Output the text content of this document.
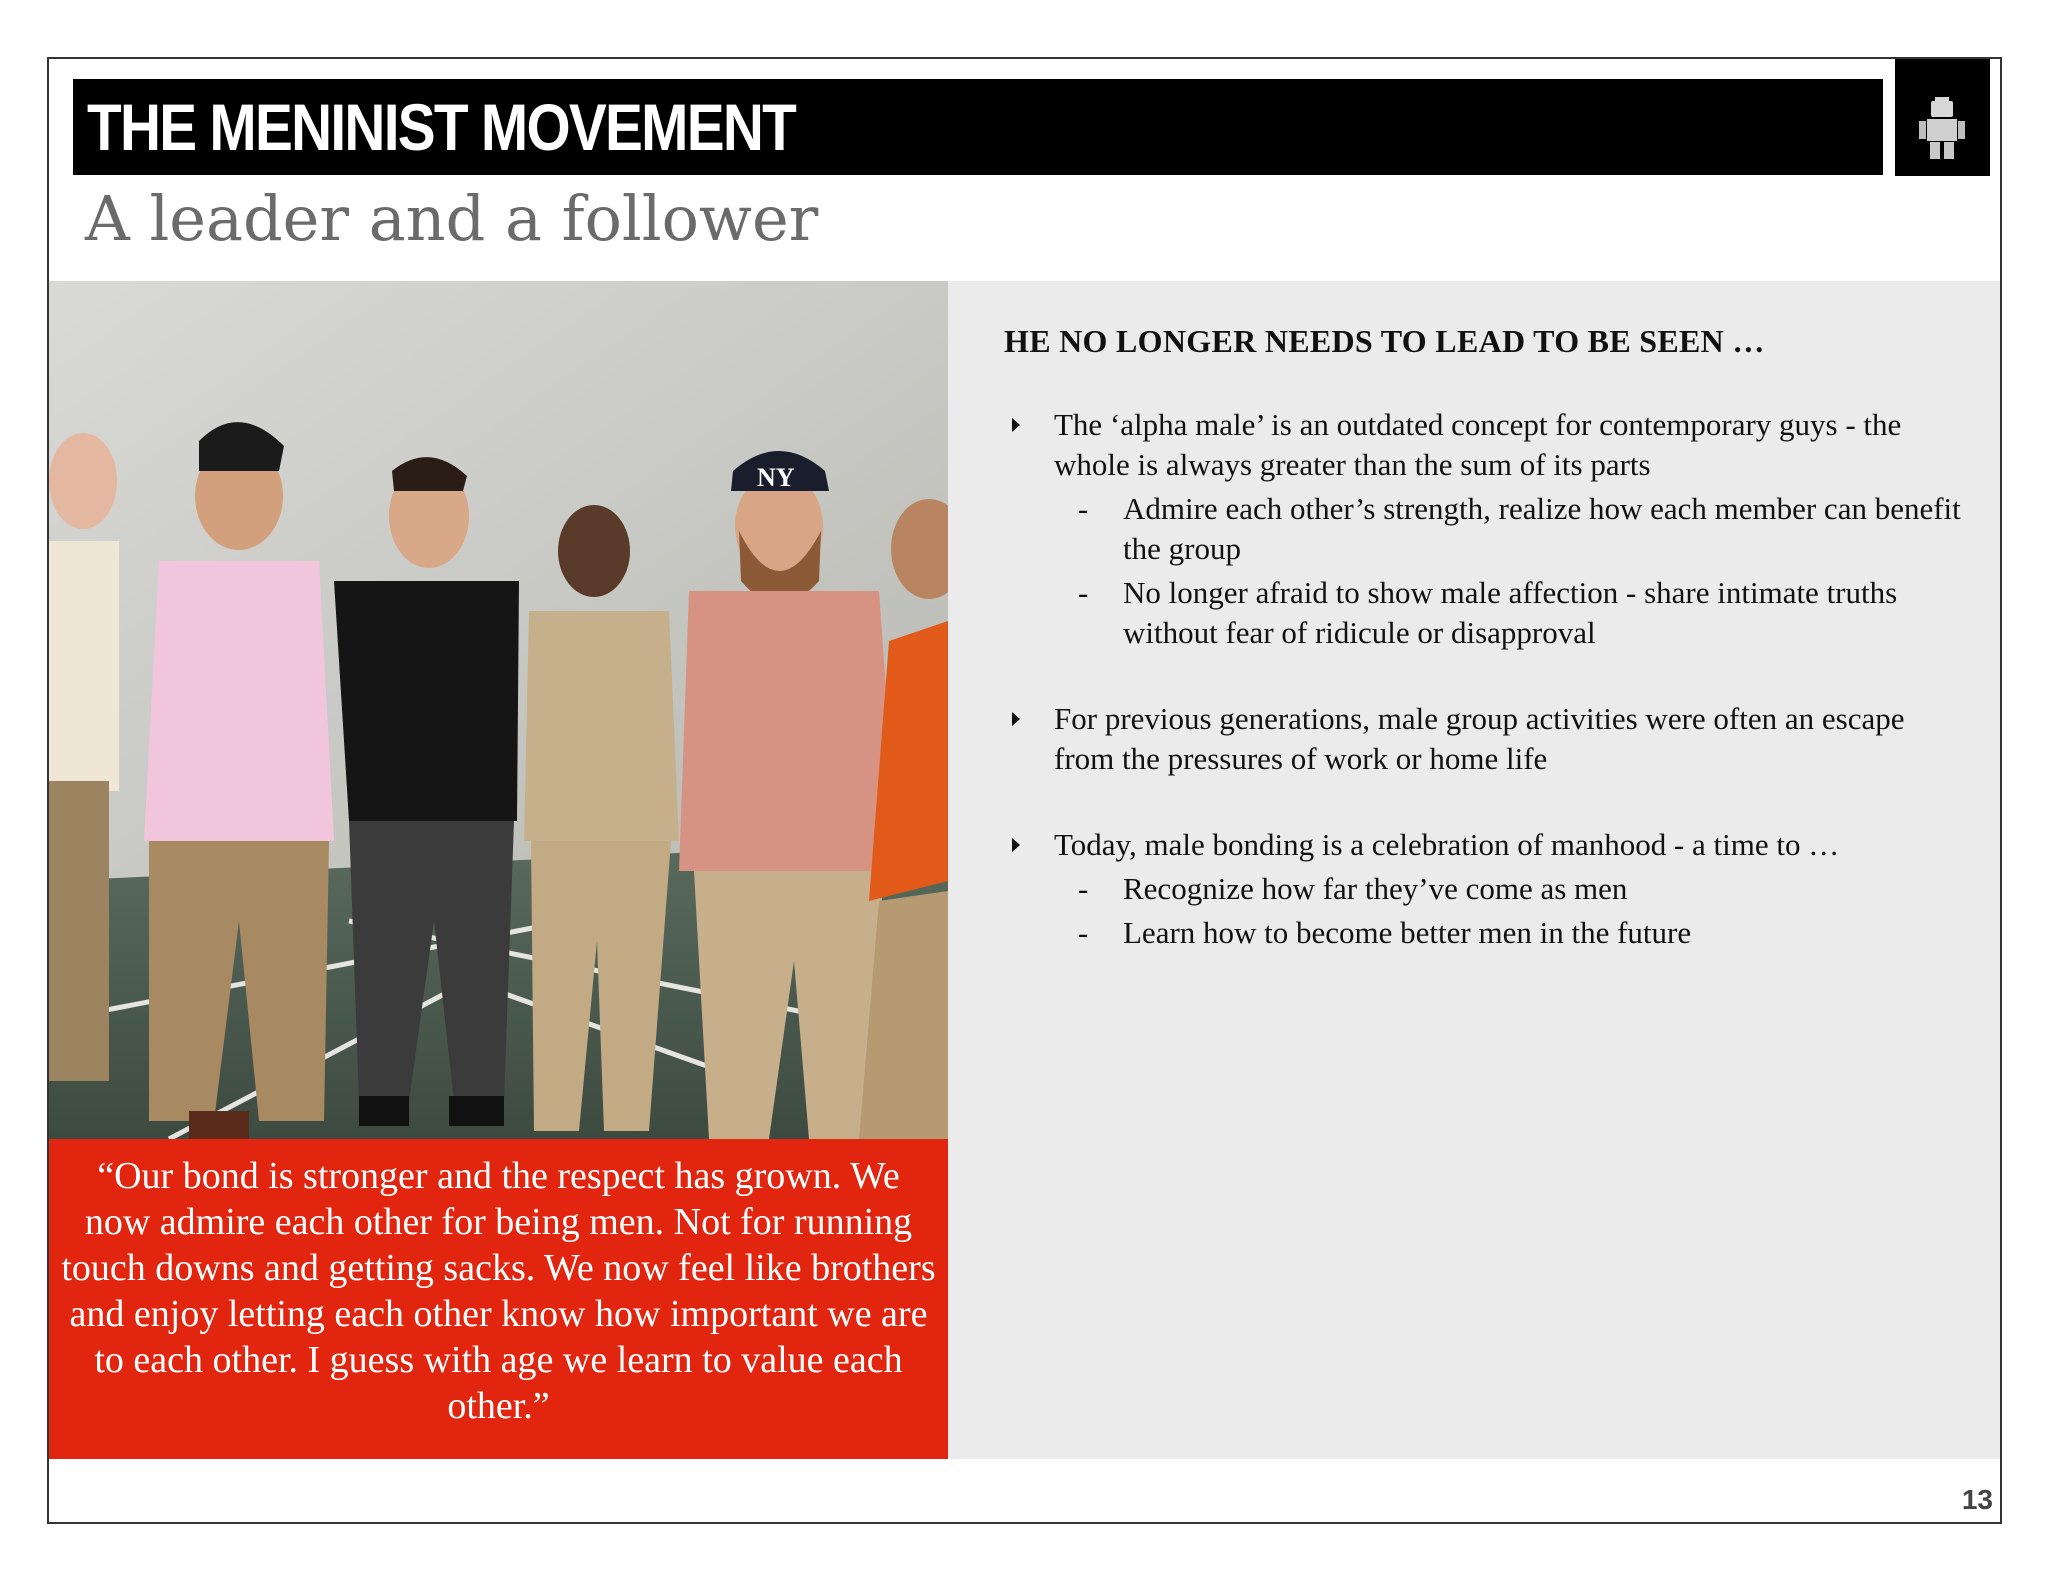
THE MENINIST MOVEMENT
A leader and a follower
NY
“Our bond is stronger and the respect has grown. We now admire each other for being men. Not for running touch downs and getting sacks. We now feel like brothers and enjoy letting each other know how important we are to each other. I guess with age we learn to value each other.”
HE NO LONGER NEEDS TO LEAD TO BE SEEN …
The ‘alpha male’ is an outdated concept for contemporary guys - the whole is always greater than the sum of its parts
- Admire each other’s strength, realize how each member can benefit the group
- No longer afraid to show male affection - share intimate truths without fear of ridicule or disapproval
For previous generations, male group activities were often an escape from the pressures of work or home life
Today, male bonding is a celebration of manhood - a time to …
- Recognize how far they’ve come as men
- Learn how to become better men in the future
13
